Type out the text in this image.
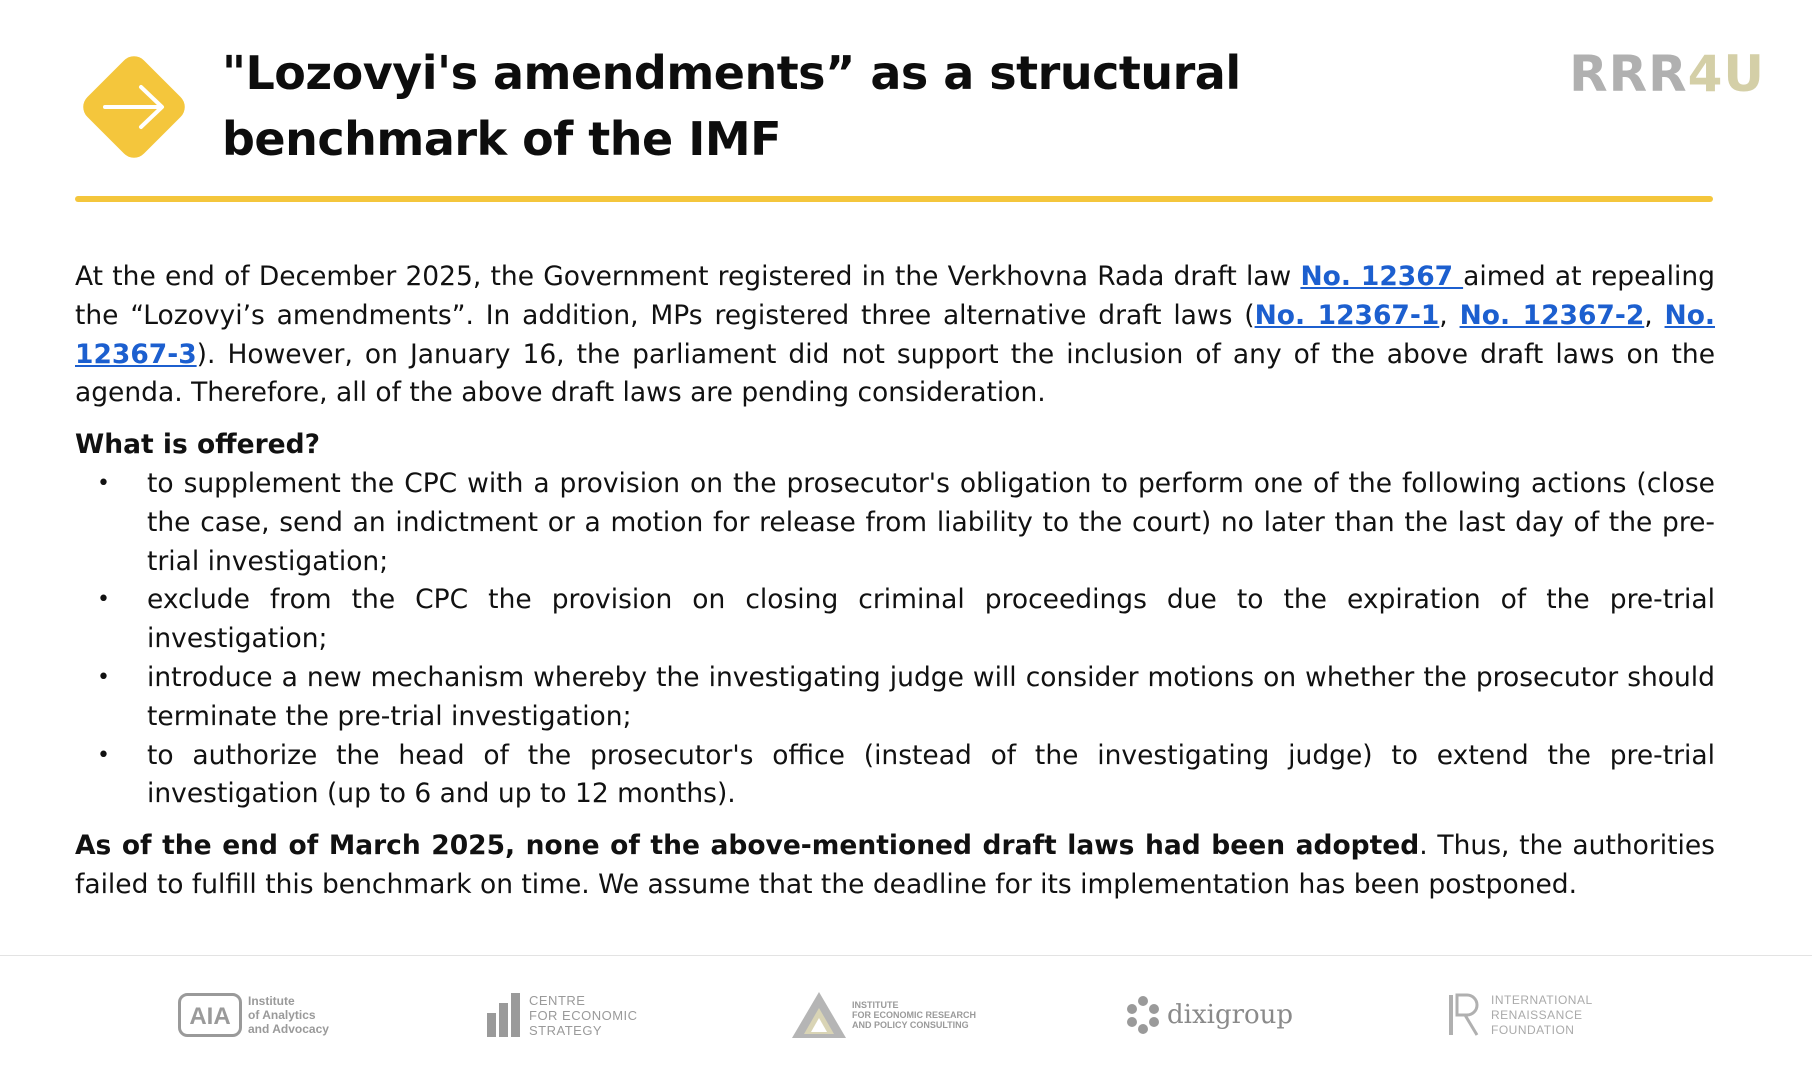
"Lozovyi's amendments” as a structural
benchmark of the IMF
RRR4U

At the end of December 2025, the Government registered in the Verkhovna Rada draft law No. 12367 aimed at repealing the “Lozovyi’s amendments”. In addition, MPs registered three alternative draft laws (No. 12367-1, No. 12367-2, No. 12367-3). However, on January 16, the parliament did not support the inclusion of any of the above draft laws on the agenda. Therefore, all of the above draft laws are pending consideration.

What is offered?

• to supplement the CPC with a provision on the prosecutor's obligation to perform one of the following actions (close the case, send an indictment or a motion for release from liability to the court) no later than the last day of the pre-trial investigation;
• exclude from the CPC the provision on closing criminal proceedings due to the expiration of the pre-trial investigation;
• introduce a new mechanism whereby the investigating judge will consider motions on whether the prosecutor should terminate the pre-trial investigation;
• to authorize the head of the prosecutor's office (instead of the investigating judge) to extend the pre-trial investigation (up to 6 and up to 12 months).

As of the end of March 2025, none of the above-mentioned draft laws had been adopted. Thus, the authorities failed to fulfill this benchmark on time. We assume that the deadline for its implementation has been postponed.

AIA
Institute
of Analytics
and Advocacy
CENTRE
FOR ECONOMIC
STRATEGY
INSTITUTE
FOR ECONOMIC RESEARCH
AND POLICY CONSULTING	dixigroup
INTERNATIONAL
RENAISSANCE
FOUNDATION
